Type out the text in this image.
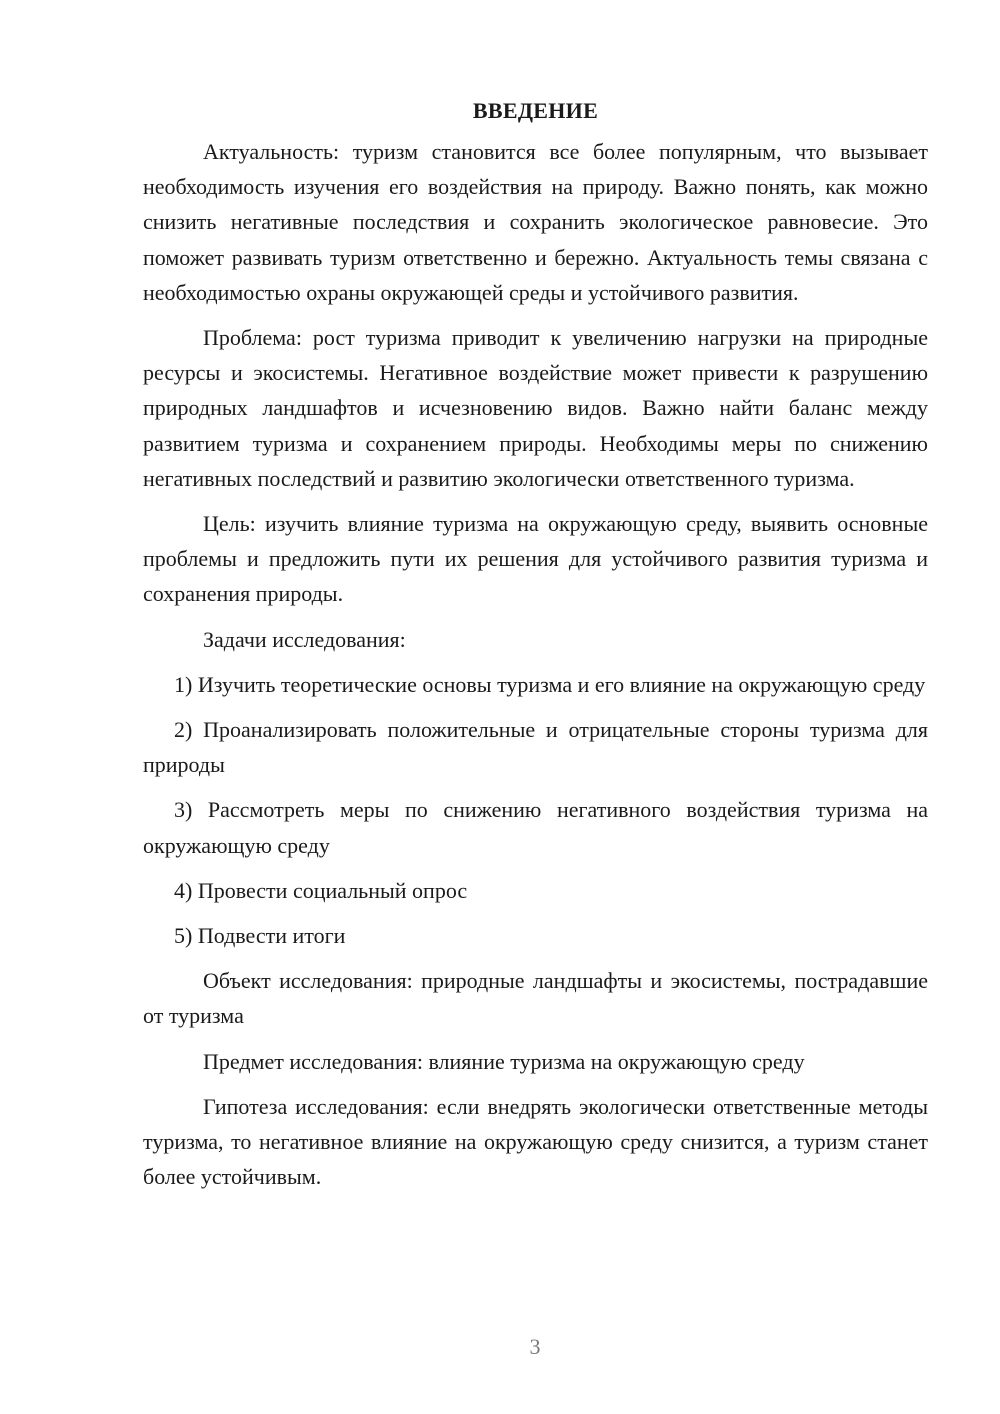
ВВЕДЕНИЕ

Актуальность: туризм становится все более популярным, что вызывает необходимость изучения его воздействия на природу. Важно понять, как можно снизить негативные последствия и сохранить экологическое равновесие. Это поможет развивать туризм ответственно и бережно. Актуальность темы связана с необходимостью охраны окружающей среды и устойчивого развития.

Проблема: рост туризма приводит к увеличению нагрузки на природные ресурсы и экосистемы. Негативное воздействие может привести к разрушению природных ландшафтов и исчезновению видов. Важно найти баланс между развитием туризма и сохранением природы. Необходимы меры по снижению негативных последствий и развитию экологически ответственного туризма.

Цель: изучить влияние туризма на окружающую среду, выявить основные проблемы и предложить пути их решения для устойчивого развития туризма и сохранения природы.

Задачи исследования:

1) Изучить теоретические основы туризма и его влияние на окружающую среду

2) Проанализировать положительные и отрицательные стороны туризма для природы

3) Рассмотреть меры по снижению негативного воздействия туризма на окружающую среду

4) Провести социальный опрос

5) Подвести итоги

Объект исследования: природные ландшафты и экосистемы, пострадавшие от туризма

Предмет исследования: влияние туризма на окружающую среду

Гипотеза исследования: если внедрять экологически ответственные методы туризма, то негативное влияние на окружающую среду снизится, а туризм станет более устойчивым.

3
